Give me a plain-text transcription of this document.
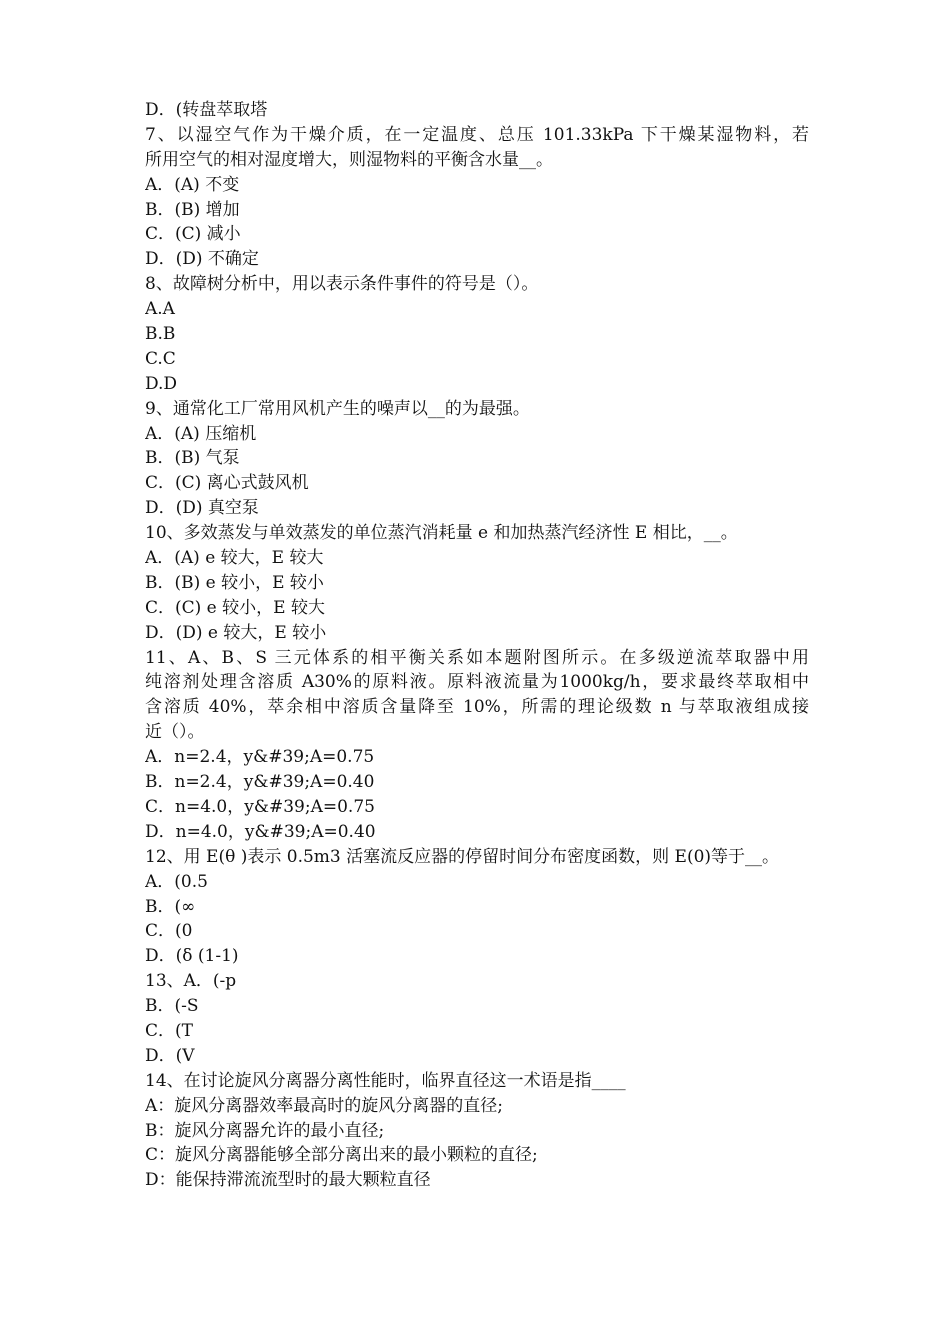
D．(转盘萃取塔
7、以湿空气作为干燥介质，在一定温度、总压 101.33kPa 下干燥某湿物料，若
所用空气的相对湿度增大，则湿物料的平衡含水量__。
A．(A) 不变
B．(B) 增加
C．(C) 减小
D．(D) 不确定
8、故障树分析中，用以表示条件事件的符号是（）。
A.A
B.B
C.C
D.D
9、通常化工厂常用风机产生的噪声以__的为最强。
A．(A) 压缩机
B．(B) 气泵
C．(C) 离心式鼓风机
D．(D) 真空泵
10、多效蒸发与单效蒸发的单位蒸汽消耗量 e 和加热蒸汽经济性 E 相比，__。
A．(A) e 较大，E 较大
B．(B) e 较小，E 较小
C．(C) e 较小，E 较大
D．(D) e 较大，E 较小
11、A、B、S 三元体系的相平衡关系如本题附图所示。在多级逆流萃取器中用
纯溶剂处理含溶质 A30%的原料液。原料液流量为1000kg/h，要求最终萃取相中
含溶质 40%，萃余相中溶质含量降至 10%，所需的理论级数 n 与萃取液组成接
近（）。
A．n=2.4，y&#39;A=0.75
B．n=2.4，y&#39;A=0.40
C．n=4.0，y&#39;A=0.75
D．n=4.0，y&#39;A=0.40
12、用 E(θ )表示 0.5m3 活塞流反应器的停留时间分布密度函数，则 E(0)等于__。
A．(0.5
B．(∞
C．(0
D．(δ (1-1)
13、A．(-p
B．(-S
C．(T
D．(V
14、在讨论旋风分离器分离性能时，临界直径这一术语是指____
A：旋风分离器效率最高时的旋风分离器的直径;
B：旋风分离器允许的最小直径;
C：旋风分离器能够全部分离出来的最小颗粒的直径;
D：能保持滞流流型时的最大颗粒直径
